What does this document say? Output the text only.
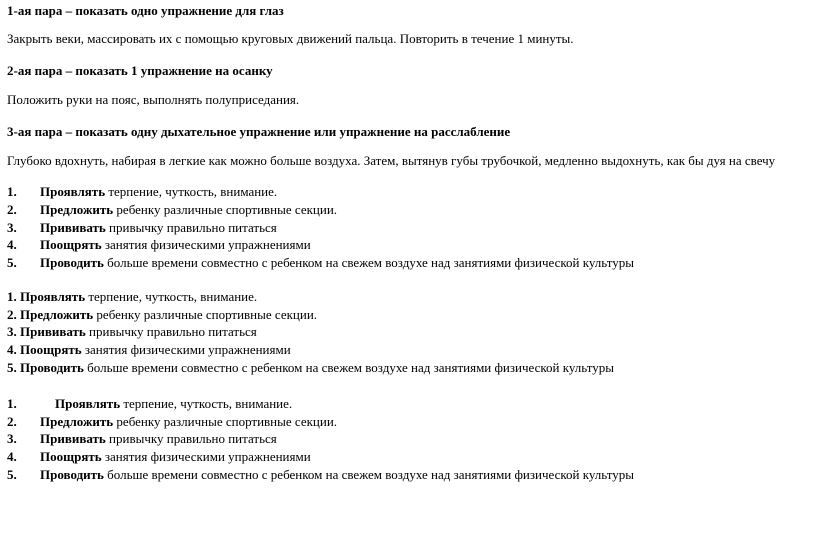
1-ая пара – показать одно упражнение для глаз
Закрыть веки, массировать их с помощью круговых движений пальца. Повторить в течение 1 минуты.
2-ая пара – показать 1 упражнение на осанку
Положить руки на пояс, выполнять полуприседания.
3-ая пара – показать одну дыхательное упражнение или упражнение на расслабление
Глубоко вдохнуть, набирая в легкие как можно больше воздуха. Затем, вытянув губы трубочкой, медленно выдохнуть, как бы дуя на свечу
1. Проявлять терпение, чуткость, внимание.
2. Предложить ребенку различные спортивные секции.
3. Прививать привычку правильно питаться
4. Поощрять занятия физическими упражнениями
5. Проводить больше времени совместно с ребенком на свежем воздухе над занятиями физической культуры
1. Проявлять терпение, чуткость, внимание.
2. Предложить ребенку различные спортивные секции.
3. Прививать привычку правильно питаться
4. Поощрять занятия физическими упражнениями
5. Проводить больше времени совместно с ребенком на свежем воздухе над занятиями физической культуры
1.	Проявлять терпение, чуткость, внимание.
2. Предложить ребенку различные спортивные секции.
3. Прививать привычку правильно питаться
4. Поощрять занятия физическими упражнениями
5. Проводить больше времени совместно с ребенком на свежем воздухе над занятиями физической культуры
